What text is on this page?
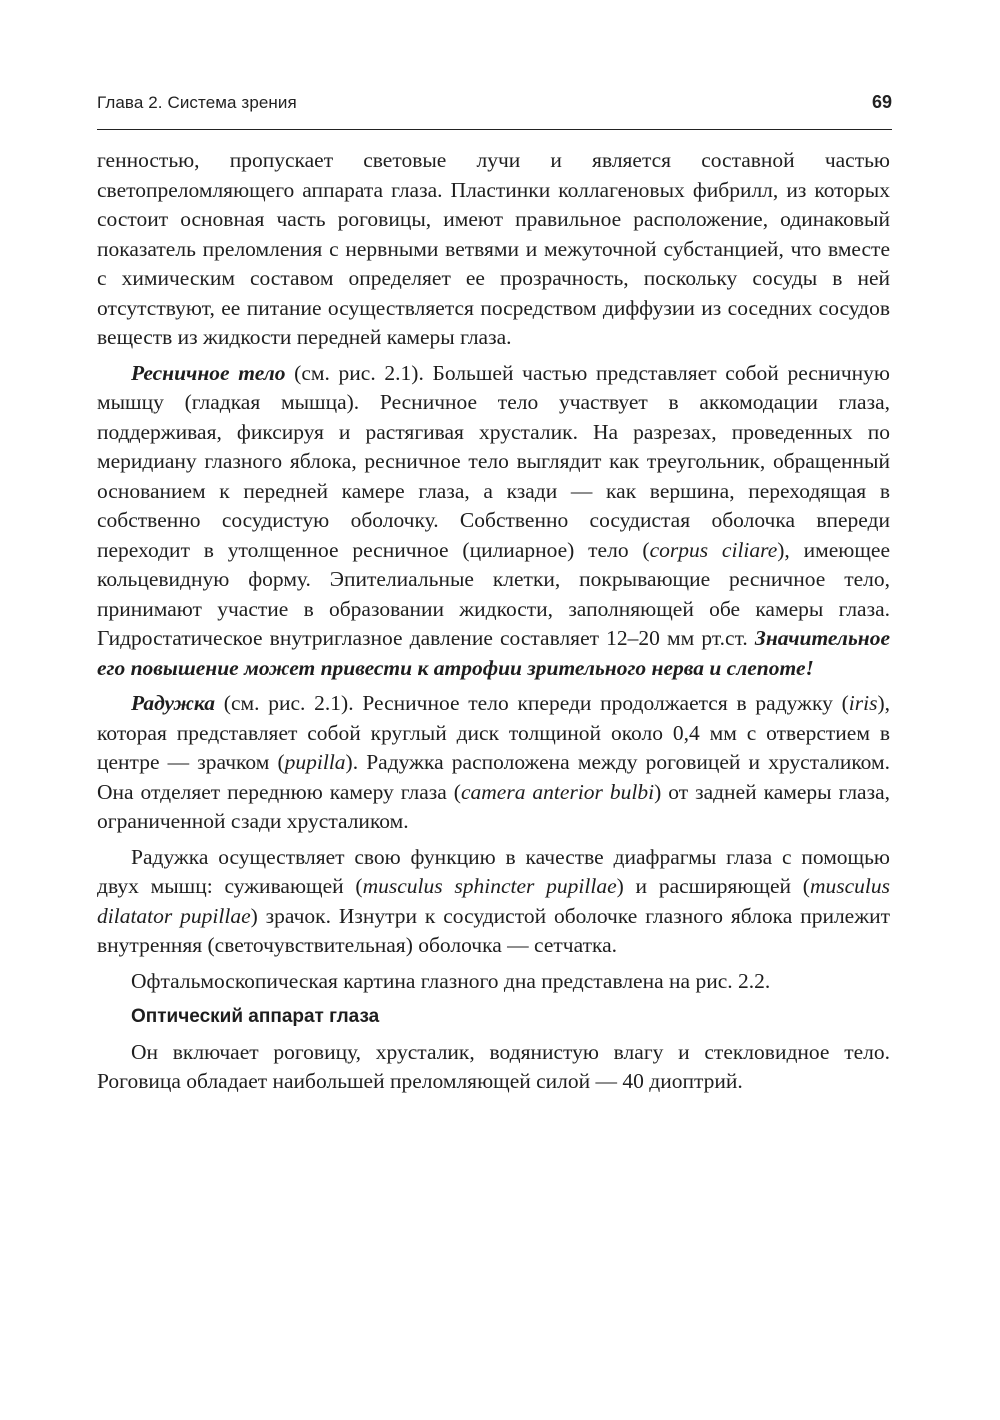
Глава 2. Система зрения	69

генностью, пропускает световые лучи и является составной частью светопреломляющего аппарата глаза. Пластинки коллагеновых фибрилл, из которых состоит основная часть роговицы, имеют правильное расположение, одинаковый показатель преломления с нервными ветвями и межуточной субстанцией, что вместе с химическим составом определяет ее прозрачность, поскольку сосуды в ней отсутствуют, ее питание осуществляется посредством диффузии из соседних сосудов веществ из жидкости передней камеры глаза.

Ресничное тело (см. рис. 2.1). Большей частью представляет собой ресничную мышцу (гладкая мышца). Ресничное тело участвует в аккомодации глаза, поддерживая, фиксируя и растягивая хрусталик. На разрезах, проведенных по меридиану глазного яблока, ресничное тело выглядит как треугольник, обращенный основанием к передней камере глаза, а кзади — как вершина, переходящая в собственно сосудистую оболочку. Собственно сосудистая оболочка впереди переходит в утолщенное ресничное (цилиарное) тело (corpus ciliare), имеющее кольцевидную форму. Эпителиальные клетки, покрывающие ресничное тело, принимают участие в образовании жидкости, заполняющей обе камеры глаза. Гидростатическое внутриглазное давление составляет 12–20 мм рт.ст. Значительное его повышение может привести к атрофии зрительного нерва и слепоте!

Радужка (см. рис. 2.1). Ресничное тело кпереди продолжается в радужку (iris), которая представляет собой круглый диск толщиной около 0,4 мм с отверстием в центре — зрачком (pupilla). Радужка расположена между роговицей и хрусталиком. Она отделяет переднюю камеру глаза (camera anterior bulbi) от задней камеры глаза, ограниченной сзади хрусталиком.

Радужка осуществляет свою функцию в качестве диафрагмы глаза с помощью двух мышц: суживающей (musculus sphincter pupillae) и расширяющей (musculus dilatator pupillae) зрачок. Изнутри к сосудистой оболочке глазного яблока прилежит внутренняя (светочувствительная) оболочка — сетчатка.

Офтальмоскопическая картина глазного дна представлена на рис. 2.2.

Оптический аппарат глаза

Он включает роговицу, хрусталик, водянистую влагу и стекловидное тело. Роговица обладает наибольшей преломляющей силой — 40 диоптрий.
